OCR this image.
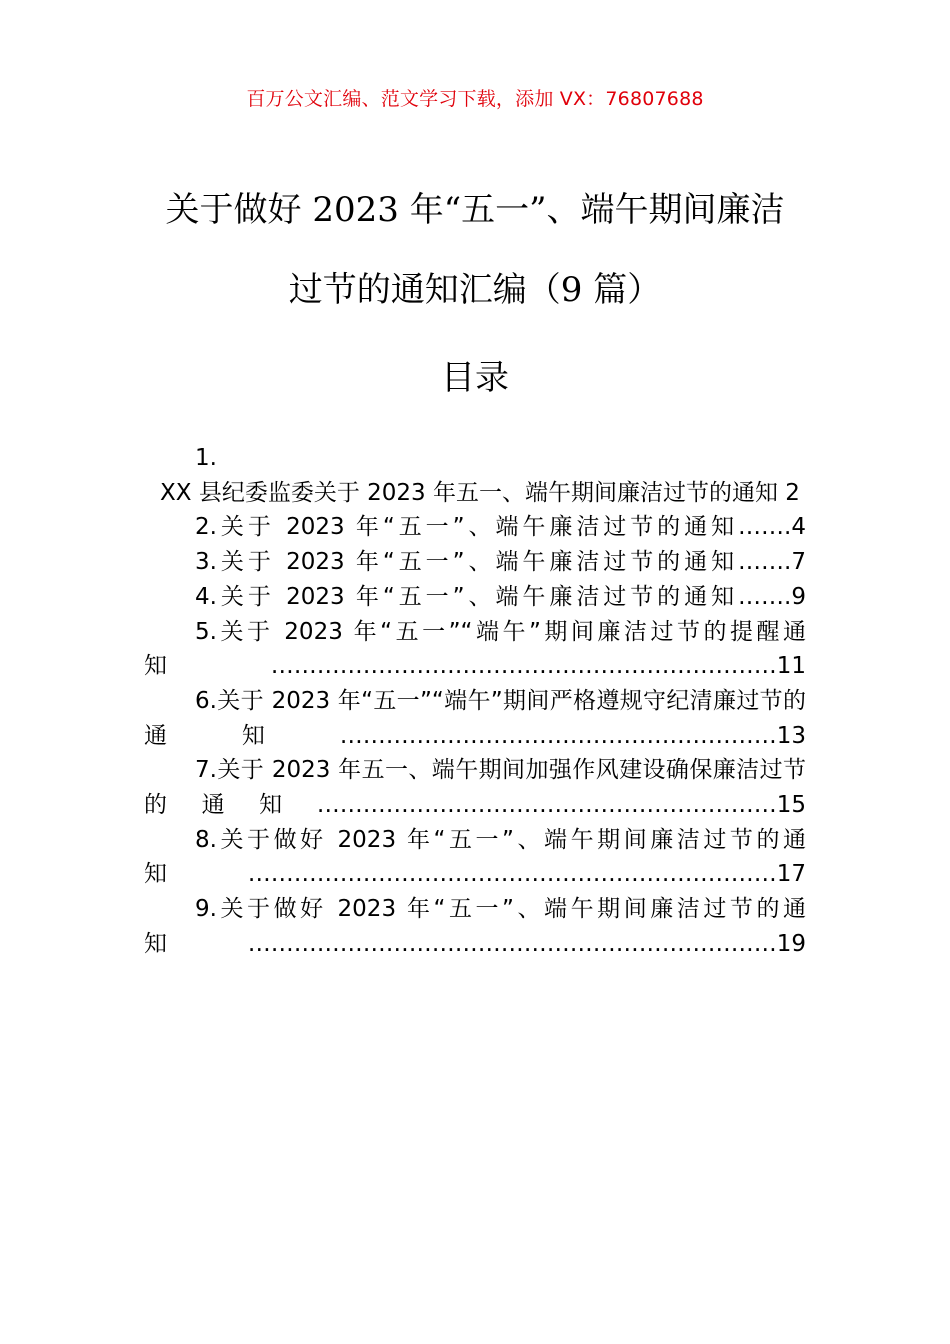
百万公文汇编、范文学习下载，添加 VX：76807688
关于做好 2023 年“五一”、端午期间廉洁
过节的通知汇编（9 篇）
目录
1.
XX 县纪委监委关于 2023 年五一、端午期间廉洁过节的通知 2
2.关于 2023 年“五一”、端午廉洁过节的通知…….4
3.关于 2023 年“五一”、端午廉洁过节的通知…….7
4.关于 2023 年“五一”、端午廉洁过节的通知…….9
5.关于 2023 年“五一”“端午”期间廉洁过节的提醒通知…………………………………………………………11
6.关于 2023 年“五一”“端午”期间严格遵规守纪清廉过节的通知…………………………………………………13
7.关于 2023 年五一、端午期间加强作风建设确保廉洁过节的通知……………………………………………………15
8.关于做好 2023 年“五一”、端午期间廉洁过节的通知……………………………………………………………17
9.关于做好 2023 年“五一”、端午期间廉洁过节的通知……………………………………………………………19
